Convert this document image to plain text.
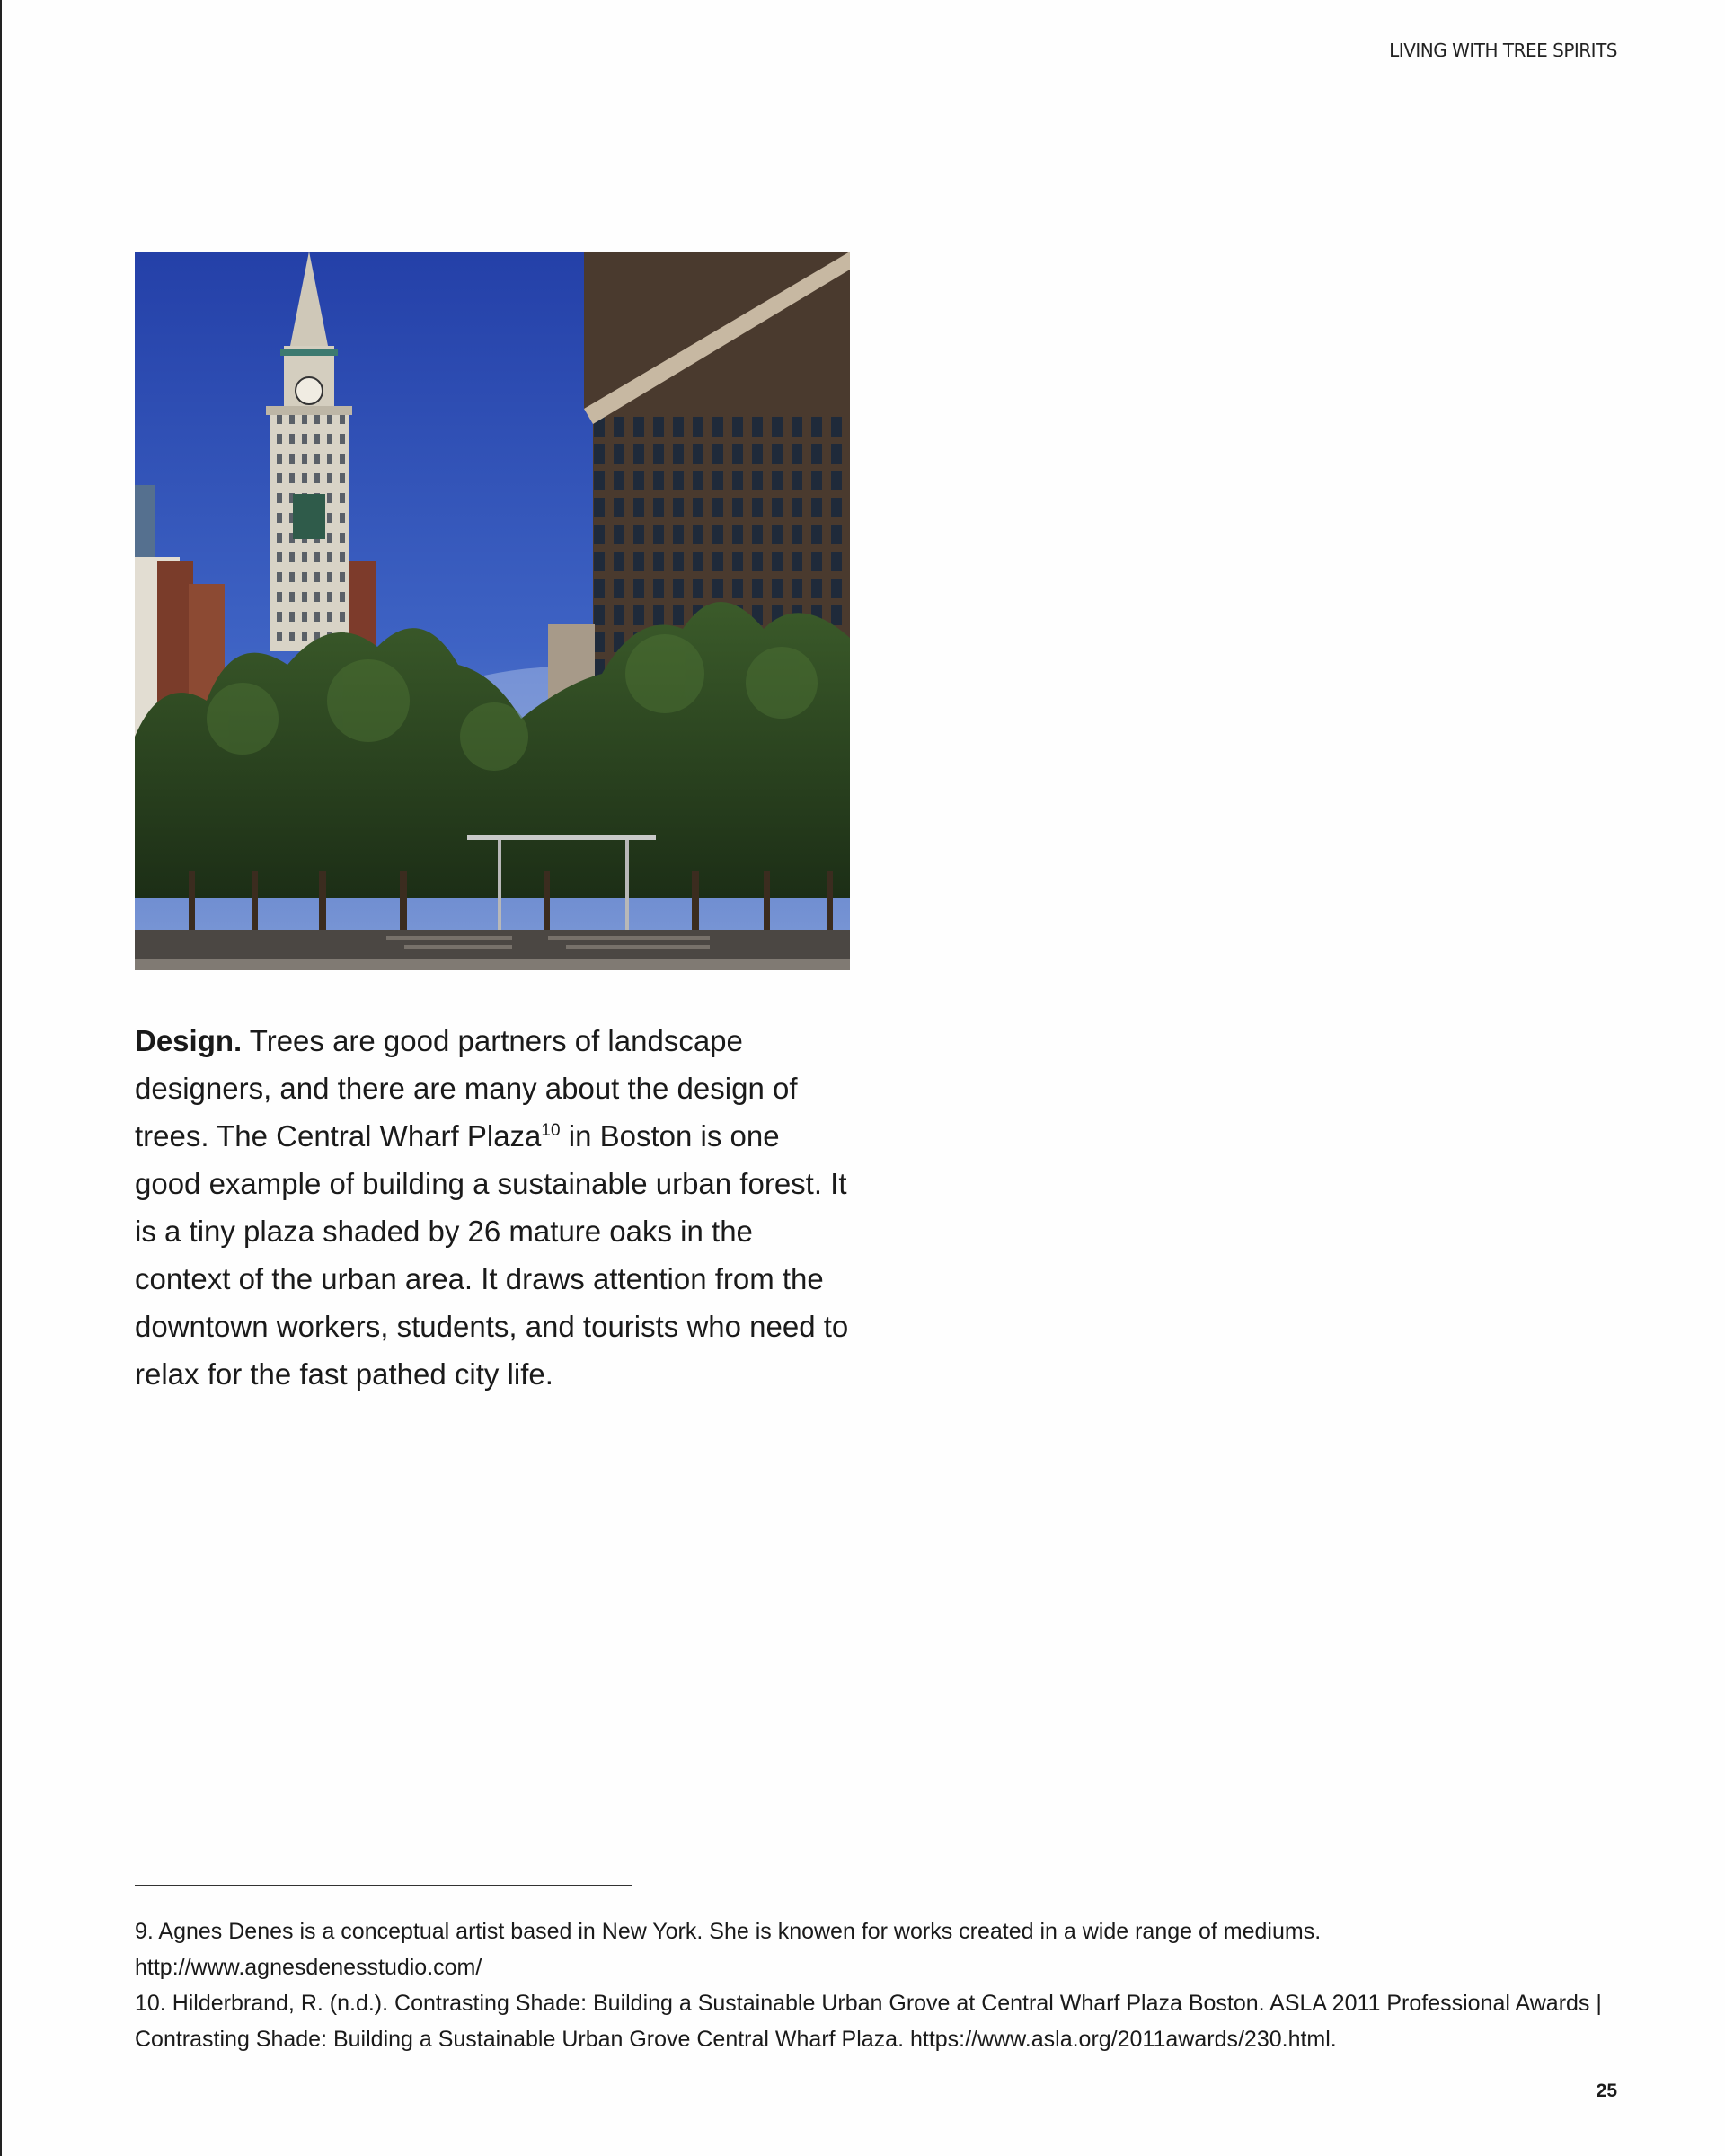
LIVING WITH TREE SPIRITS
Design. Trees are good partners of landscape designers, and there are many about the design of trees. The Central Wharf Plaza$^{10}$ in Boston is one good example of building a sustainable urban forest. It is a tiny plaza shaded by 26 mature oaks in the context of the urban area. It draws attention from the downtown workers, students, and tourists who need to relax for the fast pathed city life.

9. Agnes Denes is a conceptual artist based in New York. She is knowen for works created in a wide range of mediums. http://www.agnesdenesstudio.com/

10. Hilderbrand, R. (n.d.). Contrasting Shade: Building a Sustainable Urban Grove at Central Wharf Plaza Boston. ASLA 2011 Professional Awards | Contrasting Shade: Building a Sustainable Urban Grove Central Wharf Plaza. https://www.asla.org/2011awards/230.html.

25
